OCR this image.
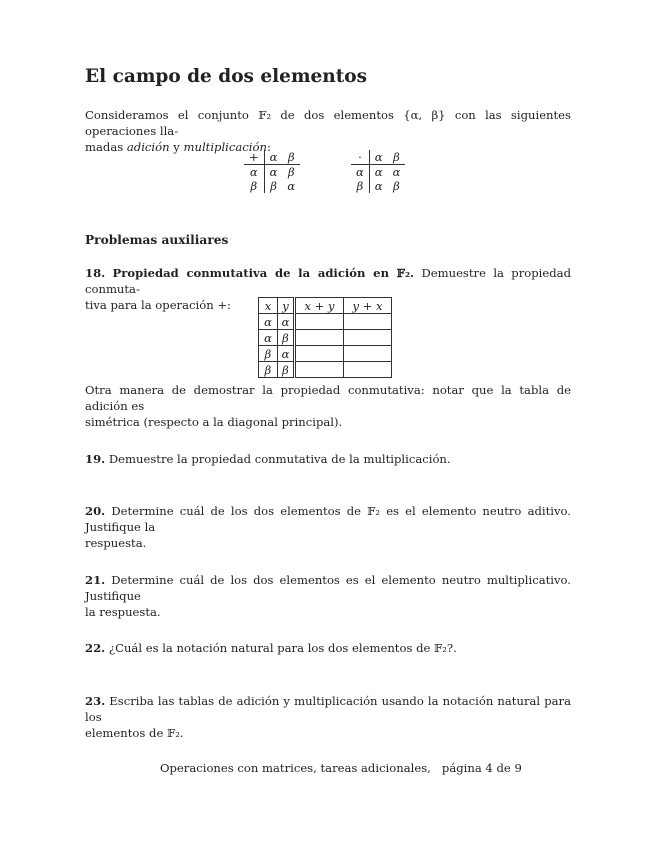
El campo de dos elementos

Consideramos el conjunto 𝔽₂ de dos elementos {α, β} con las siguientes operaciones lla-
madas adición y multiplicación:

+	α	β
α	α	β
β	β	α
·	α	β
α	α	α
β	α	β
Problemas auxiliares

18. Propiedad conmutativa de la adición en 𝔽₂. Demuestre la propiedad conmuta-
tiva para la operación +:	x	y	x + y	y + x
α	α		
α	β		
β	α		
β	β		

Otra manera de demostrar la propiedad conmutativa: notar que la tabla de adición es
simétrica (respecto a la diagonal principal).

19. Demuestre la propiedad conmutativa de la multiplicación.

20. Determine cuál de los dos elementos de 𝔽₂ es el elemento neutro aditivo. Justifique la
respuesta.

21. Determine cuál de los dos elementos es el elemento neutro multiplicativo. Justifique
la respuesta.

22. ¿Cuál es la notación natural para los dos elementos de 𝔽₂?.

23. Escriba las tablas de adición y multiplicación usando la notación natural para los
elementos de 𝔽₂.

Operaciones con matrices, tareas adicionales, página 4 de 9
